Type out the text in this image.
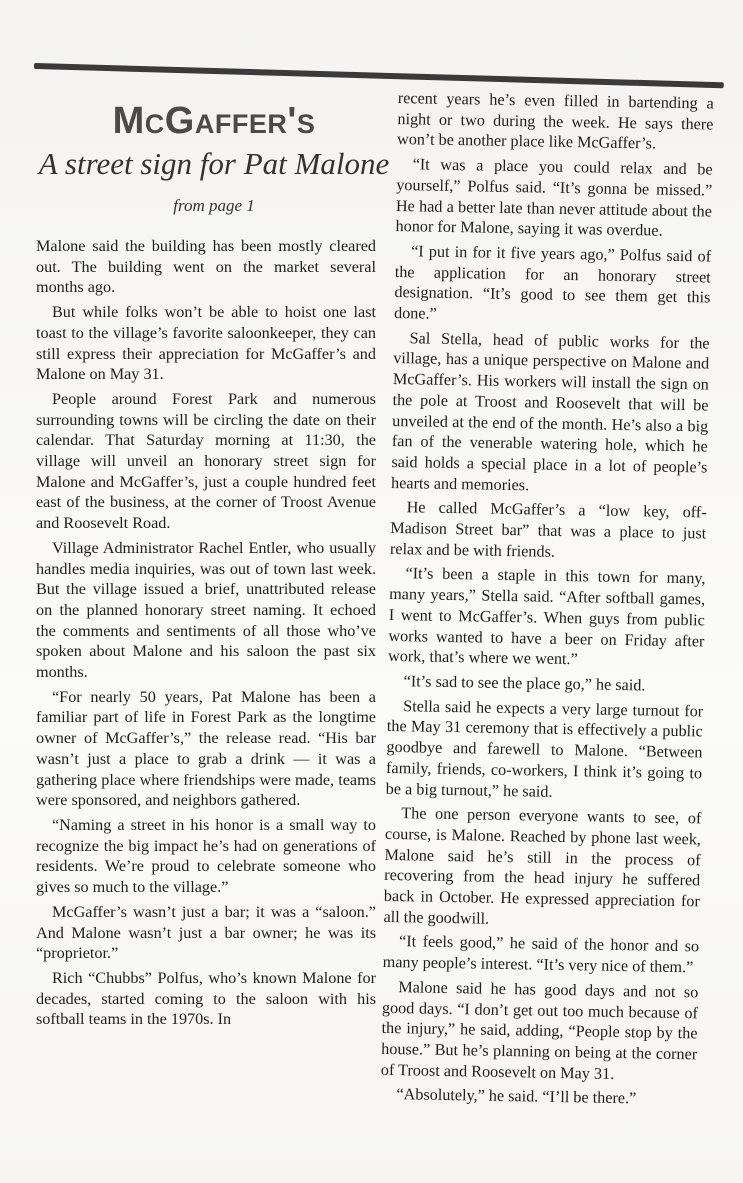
McGaffer's
A street sign for Pat Malone
from page 1

Malone said the building has been mostly cleared out. The building went on the market several months ago.

But while folks won’t be able to hoist one last toast to the village’s favorite saloonkeeper, they can still express their appreciation for McGaffer’s and Malone on May 31.

People around Forest Park and numerous surrounding towns will be circling the date on their calendar. That Saturday morning at 11:30, the village will unveil an honorary street sign for Malone and McGaffer’s, just a couple hundred feet east of the business, at the corner of Troost Avenue and Roosevelt Road.

Village Administrator Rachel Entler, who usually handles media inquiries, was out of town last week. But the village issued a brief, unattributed release on the planned honorary street naming. It echoed the comments and sentiments of all those who’ve spoken about Malone and his saloon the past six months.

“For nearly 50 years, Pat Malone has been a familiar part of life in Forest Park as the longtime owner of McGaffer’s,” the release read. “His bar wasn’t just a place to grab a drink — it was a gathering place where friendships were made, teams were sponsored, and neighbors gathered.

“Naming a street in his honor is a small way to recognize the big impact he’s had on generations of residents. We’re proud to celebrate someone who gives so much to the village.”

McGaffer’s wasn’t just a bar; it was a “saloon.” And Malone wasn’t just a bar owner; he was its “proprietor.”

Rich “Chubbs” Polfus, who’s known Malone for decades, started coming to the saloon with his softball teams in the 1970s. In

recent years he’s even filled in bartending a night or two during the week. He says there won’t be another place like McGaffer’s.

“It was a place you could relax and be yourself,” Polfus said. “It’s gonna be missed.” He had a better late than never attitude about the honor for Malone, saying it was overdue.

“I put in for it five years ago,” Polfus said of the application for an honorary street designation. “It’s good to see them get this done.”

Sal Stella, head of public works for the village, has a unique perspective on Malone and McGaffer’s. His workers will install the sign on the pole at Troost and Roosevelt that will be unveiled at the end of the month. He’s also a big fan of the venerable watering hole, which he said holds a special place in a lot of people’s hearts and memories.

He called McGaffer’s a “low key, off-Madison Street bar” that was a place to just relax and be with friends.

“It’s been a staple in this town for many, many years,” Stella said. “After softball games, I went to McGaffer’s. When guys from public works wanted to have a beer on Friday after work, that’s where we went.”

“It’s sad to see the place go,” he said.

Stella said he expects a very large turnout for the May 31 ceremony that is effectively a public goodbye and farewell to Malone. “Between family, friends, co-workers, I think it’s going to be a big turnout,” he said.

The one person everyone wants to see, of course, is Malone. Reached by phone last week, Malone said he’s still in the process of recovering from the head injury he suffered back in October. He expressed appreciation for all the goodwill.

“It feels good,” he said of the honor and so many people’s interest. “It’s very nice of them.”

Malone said he has good days and not so good days. “I don’t get out too much because of the injury,” he said, adding, “People stop by the house.” But he’s planning on being at the corner of Troost and Roosevelt on May 31.

“Absolutely,” he said. “I’ll be there.”
